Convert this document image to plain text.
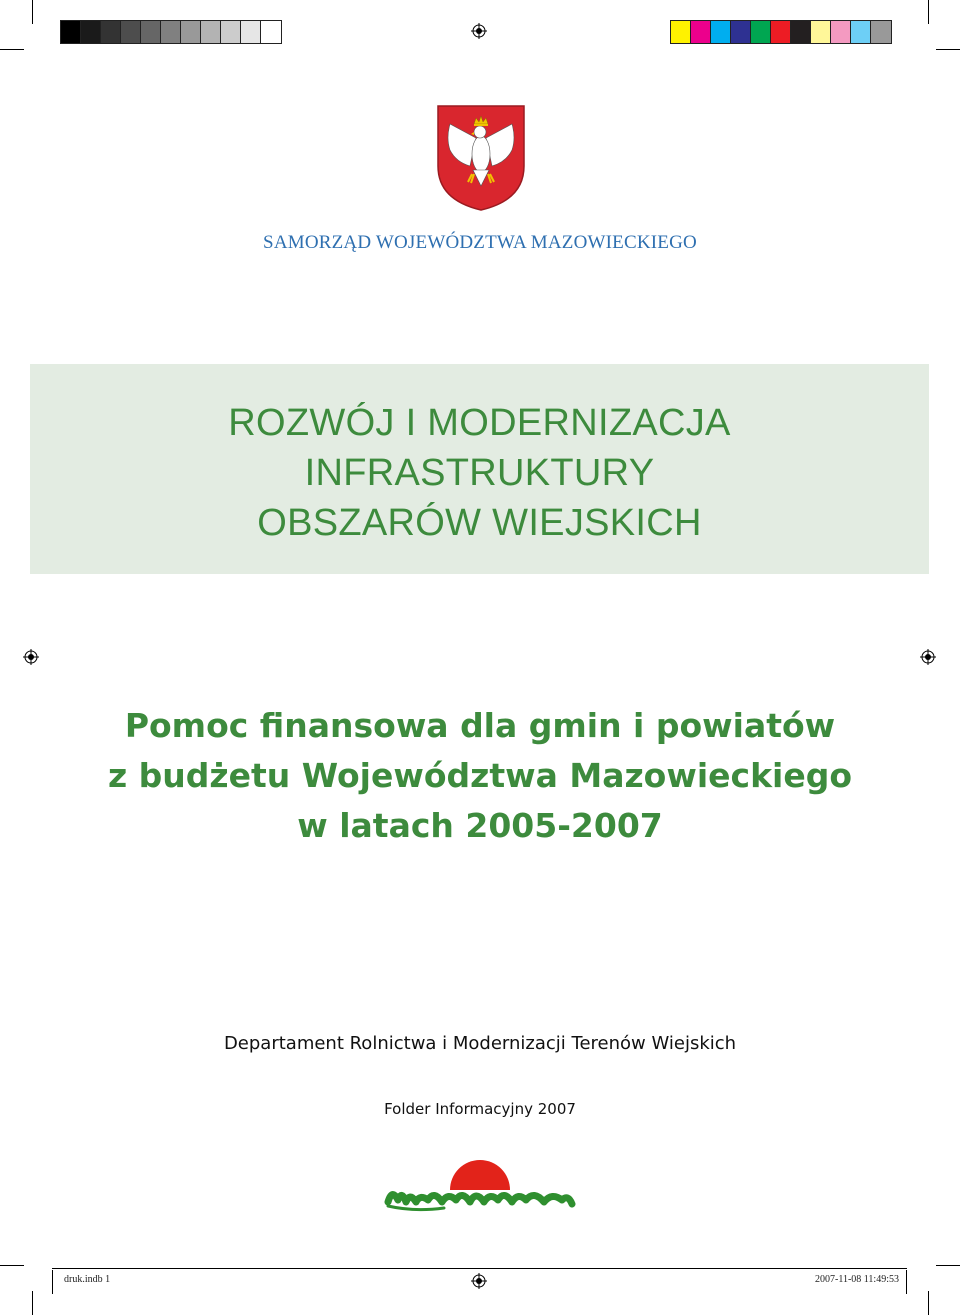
SAMORZĄD WOJEWÓDZTWA MAZOWIECKIEGO
ROZWÓJ I MODERNIZACJA
INFRASTRUKTURY
OBSZARÓW WIEJSKICH
Pomoc finansowa dla gmin i powiatów
z budżetu Województwa Mazowieckiego
w latach 2005-2007
Departament Rolnictwa i Modernizacji Terenów Wiejskich
Folder Informacyjny 2007
druk.indb 1	2007-11-08 11:49:53
